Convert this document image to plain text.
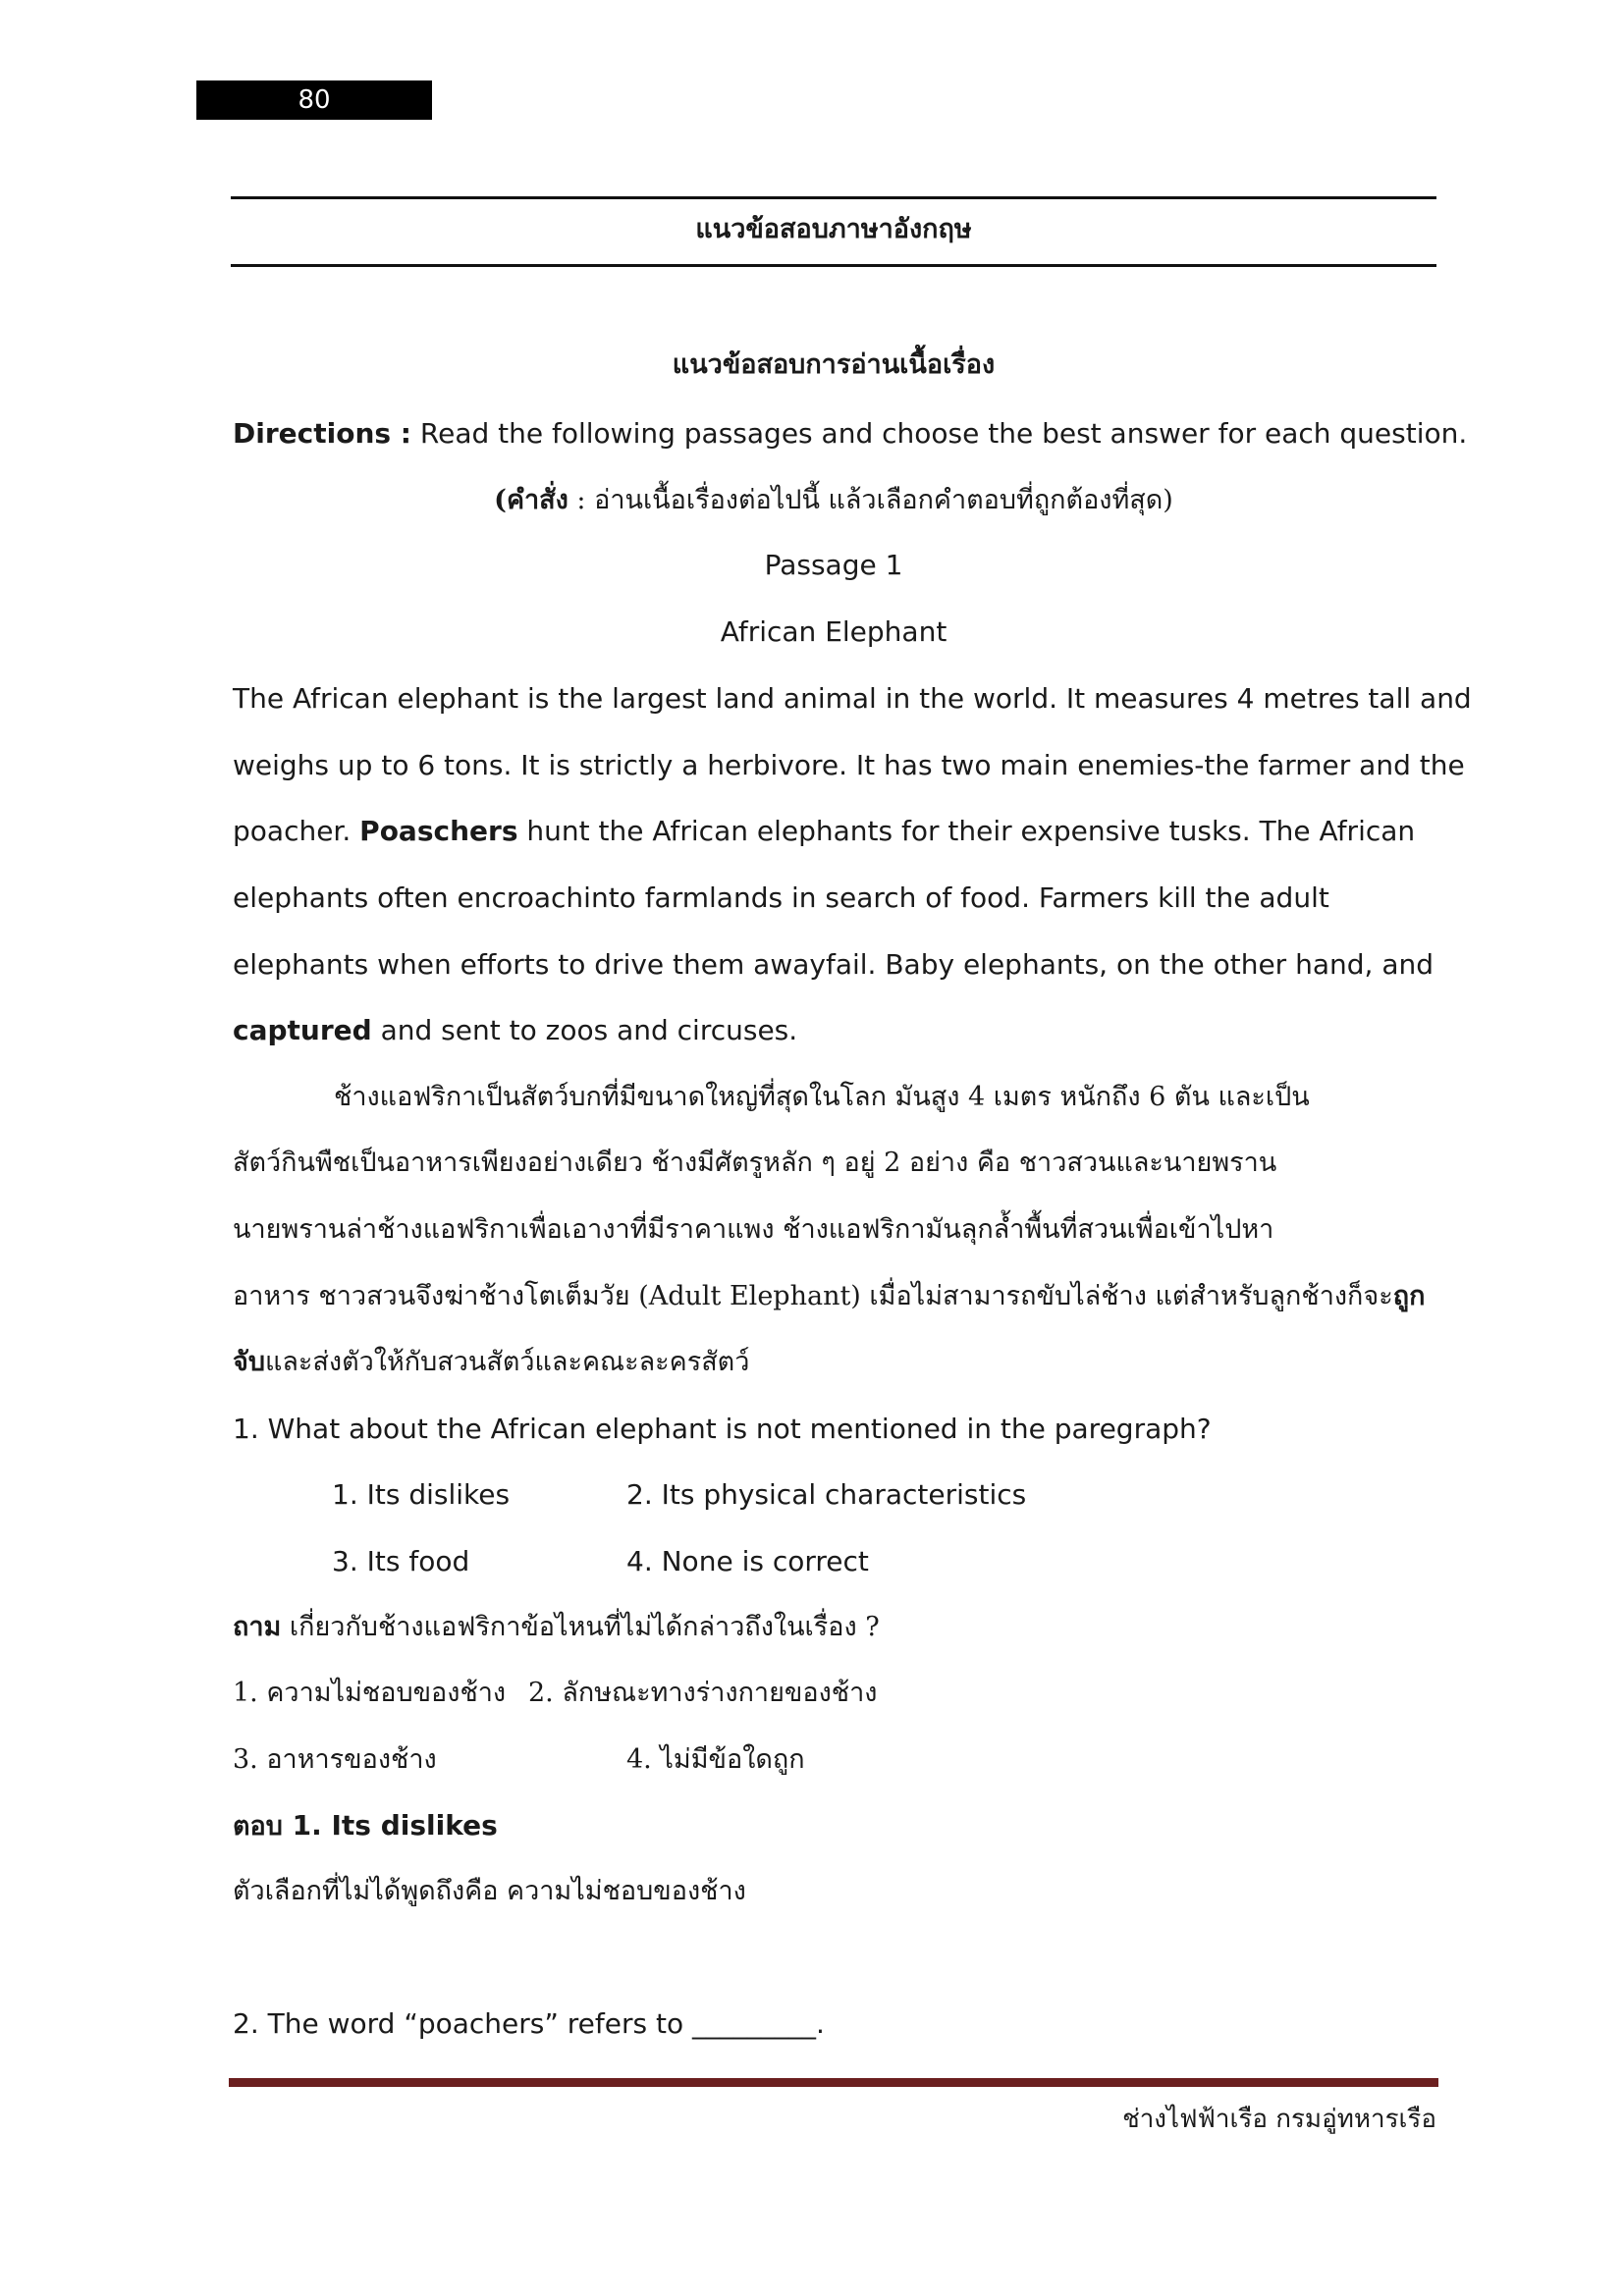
80
แนวข้อสอบภาษาอังกฤษ
แนวข้อสอบการอ่านเนื้อเรื่อง
Directions : Read the following passages and choose the best answer for each question.
(คำสั่ง : อ่านเนื้อเรื่องต่อไปนี้ แล้วเลือกคำตอบที่ถูกต้องที่สุด)
Passage 1
African Elephant
The African elephant is the largest land animal in the world. It measures 4 metres tall and
weighs up to 6 tons. It is strictly a herbivore. It has two main enemies-the farmer and the
poacher. Poaschers hunt the African elephants for their expensive tusks. The African
elephants often encroachinto farmlands in search of food. Farmers kill the adult
elephants when efforts to drive them awayfail. Baby elephants, on the other hand, and
captured and sent to zoos and circuses.
ช้างแอฟริกาเป็นสัตว์บกที่มีขนาดใหญ่ที่สุดในโลก มันสูง 4 เมตร หนักถึง 6 ตัน และเป็น
สัตว์กินพืชเป็นอาหารเพียงอย่างเดียว ช้างมีศัตรูหลัก ๆ อยู่ 2 อย่าง คือ ชาวสวนและนายพราน
นายพรานล่าช้างแอฟริกาเพื่อเอางาที่มีราคาแพง ช้างแอฟริกามันลุกล้ำพื้นที่สวนเพื่อเข้าไปหา
อาหาร ชาวสวนจึงฆ่าช้างโตเต็มวัย (Adult Elephant) เมื่อไม่สามารถขับไล่ช้าง แต่สำหรับลูกช้างก็จะถูก
จับและส่งตัวให้กับสวนสัตว์และคณะละครสัตว์
1. What about the African elephant is not mentioned in the paregraph?
1. Its dislikes	2. Its physical characteristics
3. Its food	4. None is correct
ถาม เกี่ยวกับช้างแอฟริกาข้อไหนที่ไม่ได้กล่าวถึงในเรื่อง ?
1. ความไม่ชอบของช้าง 2. ลักษณะทางร่างกายของช้าง
3. อาหารของช้าง	4. ไม่มีข้อใดถูก
ตอบ 1. Its dislikes
ตัวเลือกที่ไม่ได้พูดถึงคือ ความไม่ชอบของช้าง
2. The word “poachers” refers to _________.
ช่างไฟฟ้าเรือ กรมอู่ทหารเรือ
